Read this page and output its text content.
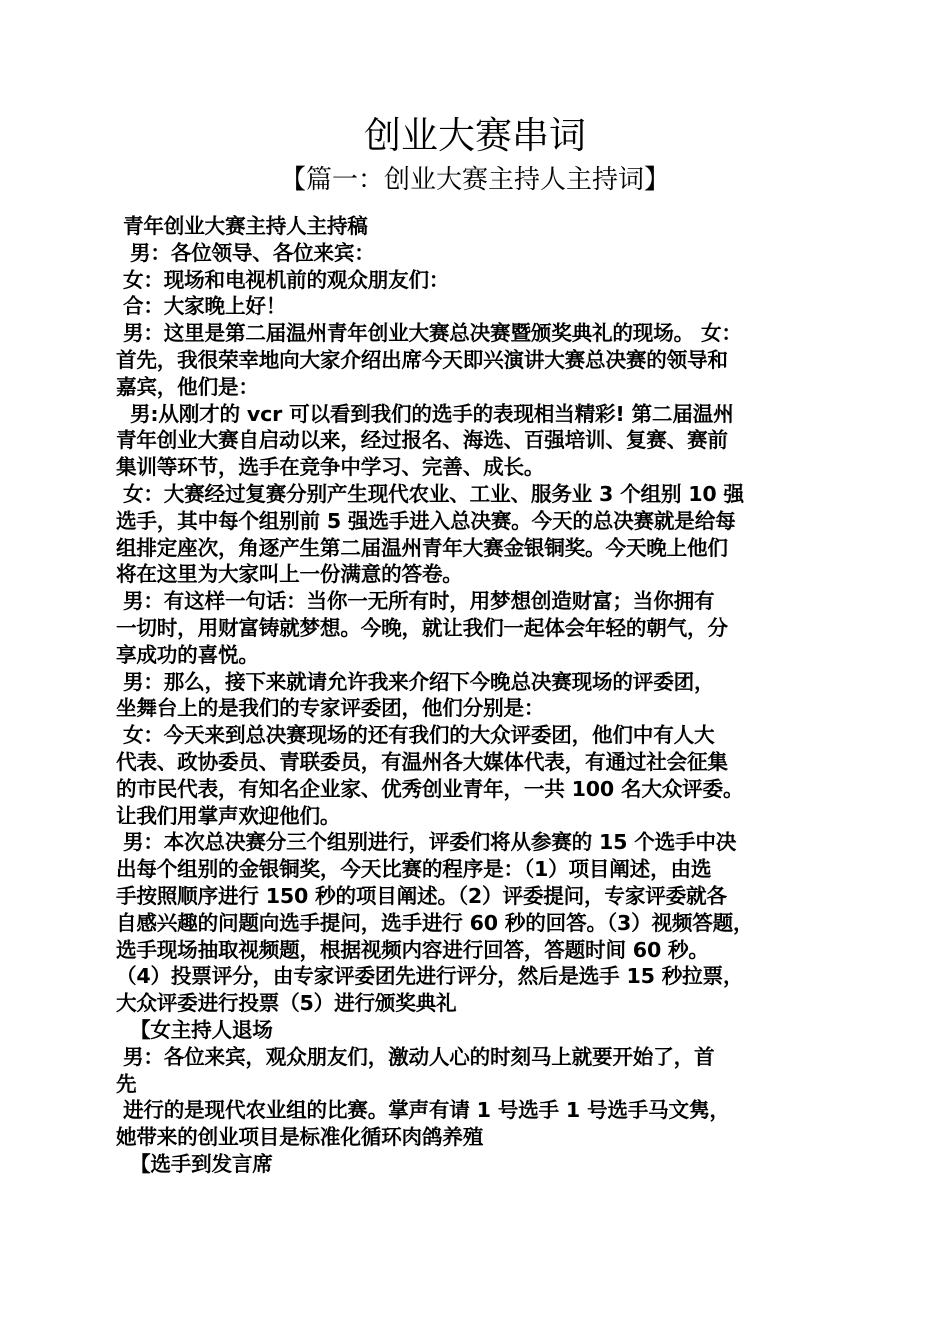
创业大赛串词
【篇一：创业大赛主持人主持词】
青年创业大赛主持人主持稿
男：各位领导、各位来宾：
女：现场和电视机前的观众朋友们：
合：大家晚上好！
男：这里是第二届温州青年创业大赛总决赛暨颁奖典礼的现场。 女：
首先，我很荣幸地向大家介绍出席今天即兴演讲大赛总决赛的领导和
嘉宾，他们是：
男:从刚才的 vcr 可以看到我们的选手的表现相当精彩! 第二届温州
青年创业大赛自启动以来，经过报名、海选、百强培训、复赛、赛前
集训等环节，选手在竞争中学习、完善、成长。
女：大赛经过复赛分别产生现代农业、工业、服务业 3 个组别 10 强
选手，其中每个组别前 5 强选手进入总决赛。今天的总决赛就是给每
组排定座次，角逐产生第二届温州青年大赛金银铜奖。今天晚上他们
将在这里为大家叫上一份满意的答卷。
男：有这样一句话：当你一无所有时，用梦想创造财富；当你拥有
一切时，用财富铸就梦想。今晚，就让我们一起体会年轻的朝气，分
享成功的喜悦。
男：那么，接下来就请允许我来介绍下今晚总决赛现场的评委团，
坐舞台上的是我们的专家评委团，他们分别是：
女：今天来到总决赛现场的还有我们的大众评委团，他们中有人大
代表、政协委员、青联委员，有温州各大媒体代表，有通过社会征集
的市民代表，有知名企业家、优秀创业青年，一共 100 名大众评委。
让我们用掌声欢迎他们。
男：本次总决赛分三个组别进行，评委们将从参赛的 15 个选手中决
出每个组别的金银铜奖，今天比赛的程序是：（1）项目阐述，由选
手按照顺序进行 150 秒的项目阐述。（2）评委提问，专家评委就各
自感兴趣的问题向选手提问，选手进行 60 秒的回答。（3）视频答题，
选手现场抽取视频题，根据视频内容进行回答，答题时间 60 秒。
（4）投票评分，由专家评委团先进行评分，然后是选手 15 秒拉票，
大众评委进行投票（5）进行颁奖典礼
【女主持人退场
男：各位来宾，观众朋友们，激动人心的时刻马上就要开始了，首
先
进行的是现代农业组的比赛。掌声有请 1 号选手 1 号选手马文隽，
她带来的创业项目是标准化循环肉鸽养殖
【选手到发言席
